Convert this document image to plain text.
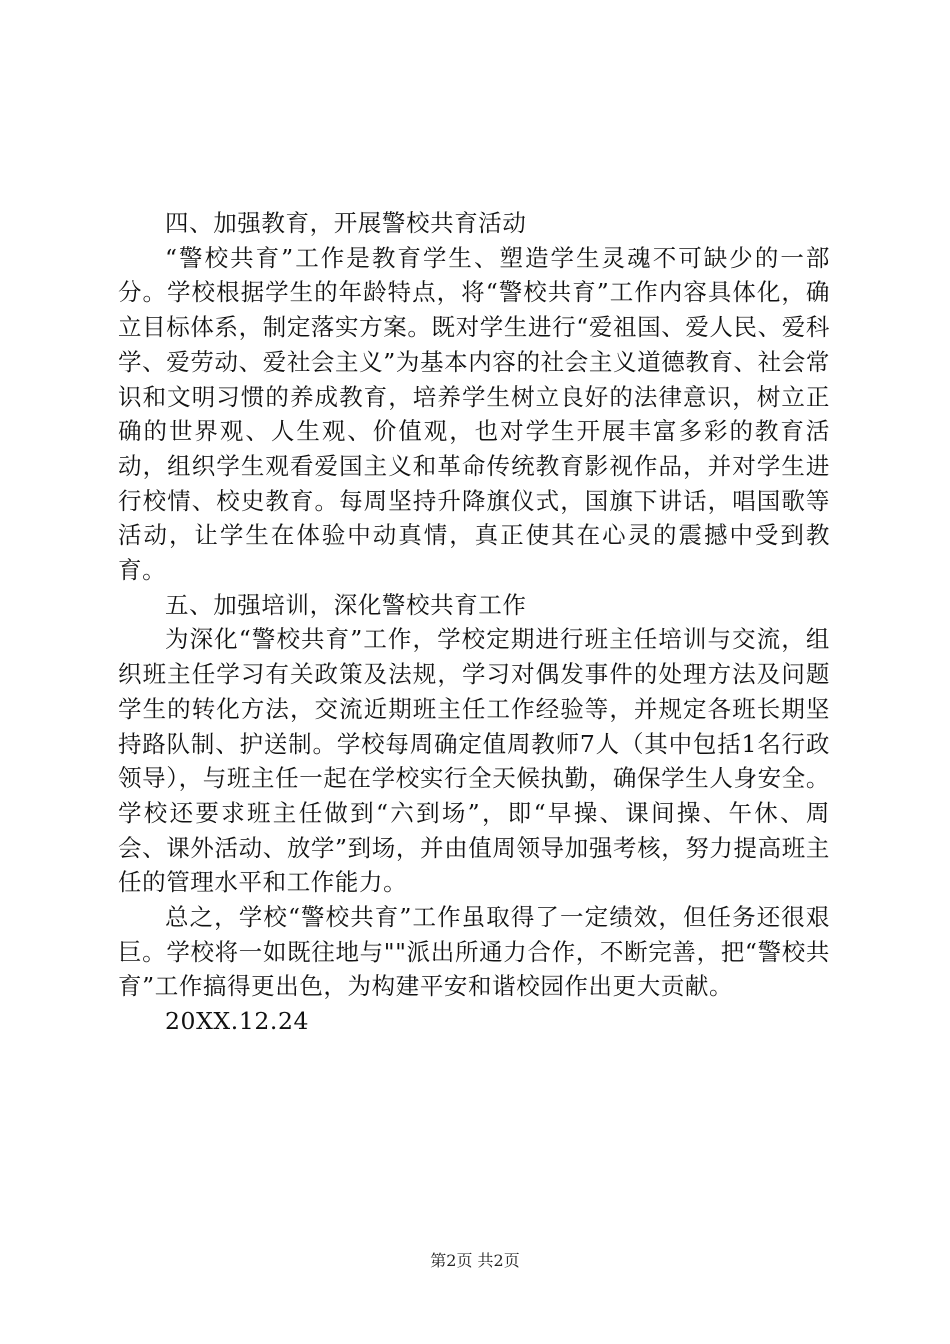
四、加强教育，开展警校共育活动

“警校共育”工作是教育学生、塑造学生灵魂不可缺少的一部分。学校根据学生的年龄特点，将“警校共育”工作内容具体化，确立目标体系，制定落实方案。既对学生进行“爱祖国、爱人民、爱科学、爱劳动、爱社会主义”为基本内容的社会主义道德教育、社会常识和文明习惯的养成教育，培养学生树立良好的法律意识，树立正确的世界观、人生观、价值观，也对学生开展丰富多彩的教育活动，组织学生观看爱国主义和革命传统教育影视作品，并对学生进行校情、校史教育。每周坚持升降旗仪式，国旗下讲话，唱国歌等活动，让学生在体验中动真情，真正使其在心灵的震撼中受到教育。

五、加强培训，深化警校共育工作

为深化“警校共育”工作，学校定期进行班主任培训与交流，组织班主任学习有关政策及法规，学习对偶发事件的处理方法及问题学生的转化方法，交流近期班主任工作经验等，并规定各班长期坚持路队制、护送制。学校每周确定值周教师7人（其中包括1名行政领导），与班主任一起在学校实行全天候执勤，确保学生人身安全。学校还要求班主任做到“六到场”，即“早操、课间操、午休、周会、课外活动、放学”到场，并由值周领导加强考核，努力提高班主任的管理水平和工作能力。

总之，学校“警校共育”工作虽取得了一定绩效，但任务还很艰巨。学校将一如既往地与""派出所通力合作，不断完善，把“警校共育”工作搞得更出色，为构建平安和谐校园作出更大贡献。

20XX.12.24

第2页 共2页
